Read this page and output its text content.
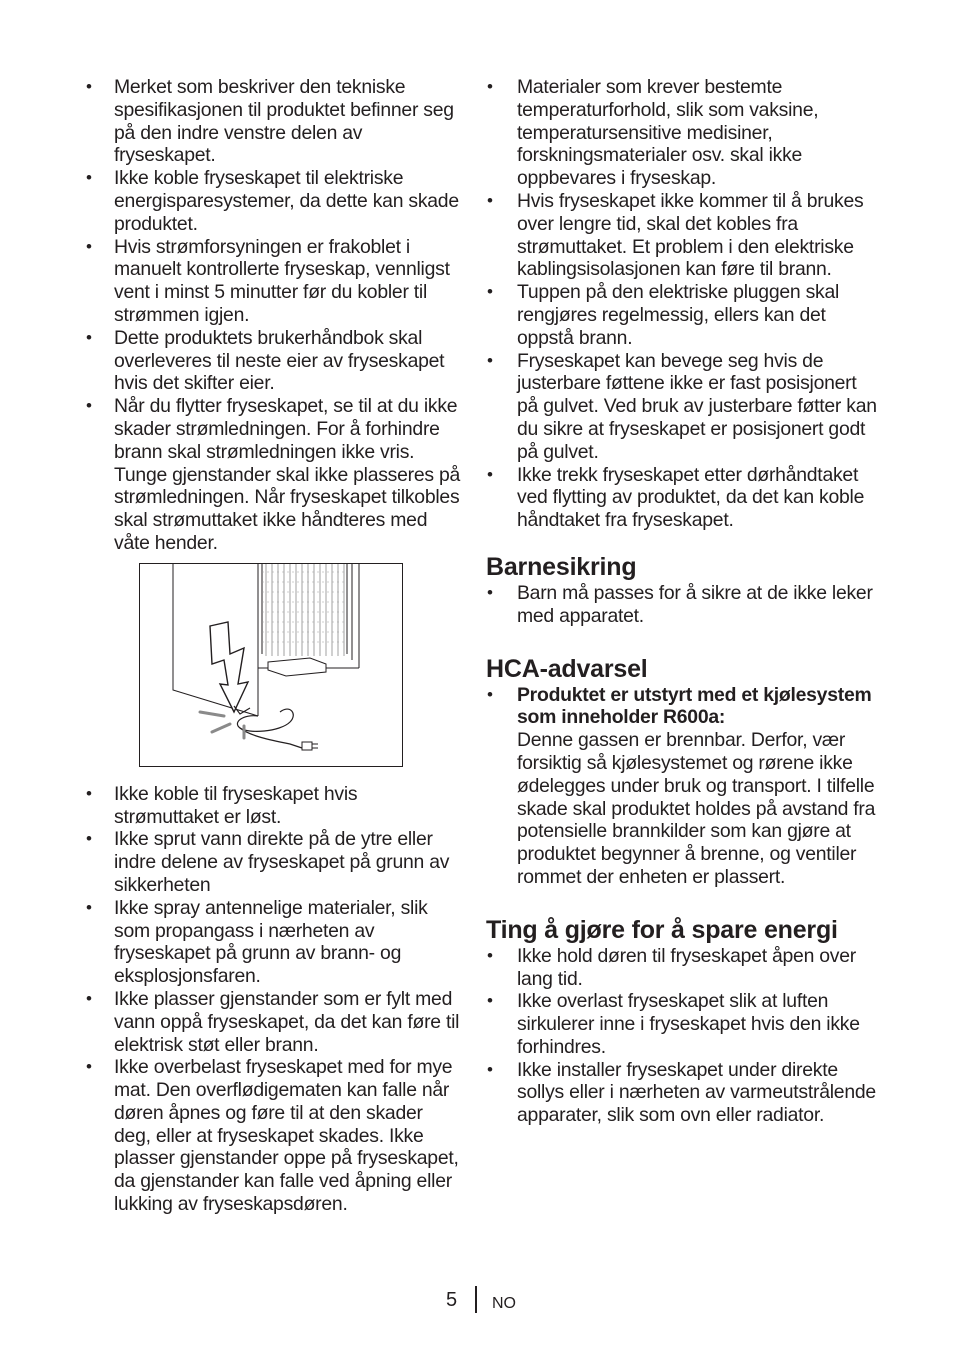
• Merket som beskriver den tekniske spesifikasjonen til produktet befinner seg på den indre venstre delen av fryseskapet.
• Ikke koble fryseskapet til elektriske energisparesystemer, da dette kan skade produktet.
• Hvis strømforsyningen er frakoblet i manuelt kontrollerte fryseskap, vennligst vent i minst 5 minutter før du kobler til strømmen igjen.
• Dette produktets brukerhåndbok skal overleveres til neste eier av fryseskapet hvis det skifter eier.
• Når du flytter fryseskapet, se til at du ikke skader strømledningen. For å forhindre brann skal strømledningen ikke vris. Tunge gjenstander skal ikke plasseres på strømledningen. Når fryseskapet tilkobles skal strømuttaket ikke håndteres med våte hender.
• Ikke koble til fryseskapet hvis strømuttaket er løst.
• Ikke sprut vann direkte på de ytre eller indre delene av fryseskapet på grunn av sikkerheten
• Ikke spray antennelige materialer, slik som propangass i nærheten av fryseskapet på grunn av brann- og eksplosjonsfaren.
• Ikke plasser gjenstander som er fylt med vann oppå fryseskapet, da det kan føre til elektrisk støt eller brann.
• Ikke overbelast fryseskapet med for mye mat. Den overflødigematen kan falle når døren åpnes og føre til at den skader deg, eller at fryseskapet skades. Ikke plasser gjenstander oppe på fryseskapet, da gjenstander kan falle ved åpning eller lukking av fryseskapsdøren.
• Materialer som krever bestemte temperaturforhold, slik som vaksine, temperatursensitive medisiner, forskningsmaterialer osv. skal ikke oppbevares i fryseskap.
• Hvis fryseskapet ikke kommer til å brukes over lengre tid, skal det kobles fra strømuttaket. Et problem i den elektriske kablingsisolasjonen kan føre til brann.
• Tuppen på den elektriske pluggen skal rengjøres regelmessig, ellers kan det oppstå brann.
• Fryseskapet kan bevege seg hvis de justerbare føttene ikke er fast posisjonert på gulvet. Ved bruk av justerbare føtter kan du sikre at fryseskapet er posisjonert godt på gulvet.
• Ikke trekk fryseskapet etter dørhåndtaket ved flytting av produktet, da det kan koble håndtaket fra fryseskapet.
Barnesikring
• Barn må passes for å sikre at de ikke leker med apparatet.
HCA-advarsel
• Produktet er utstyrt med et kjølesystem som inneholder R600a:
Denne gassen er brennbar. Derfor, vær forsiktig så kjølesystemet og rørene ikke ødelegges under bruk og transport. I tilfelle skade skal produktet holdes på avstand fra potensielle brannkilder som kan gjøre at produktet begynner å brenne, og ventiler rommet der enheten er plassert.
Ting å gjøre for å spare energi
• Ikke hold døren til fryseskapet åpen over lang tid.
• Ikke overlast fryseskapet slik at luften sirkulerer inne i fryseskapet hvis den ikke forhindres.
• Ikke installer fryseskapet under direkte sollys eller i nærheten av varmeutstrålende apparater, slik som ovn eller radiator.
5 NO
